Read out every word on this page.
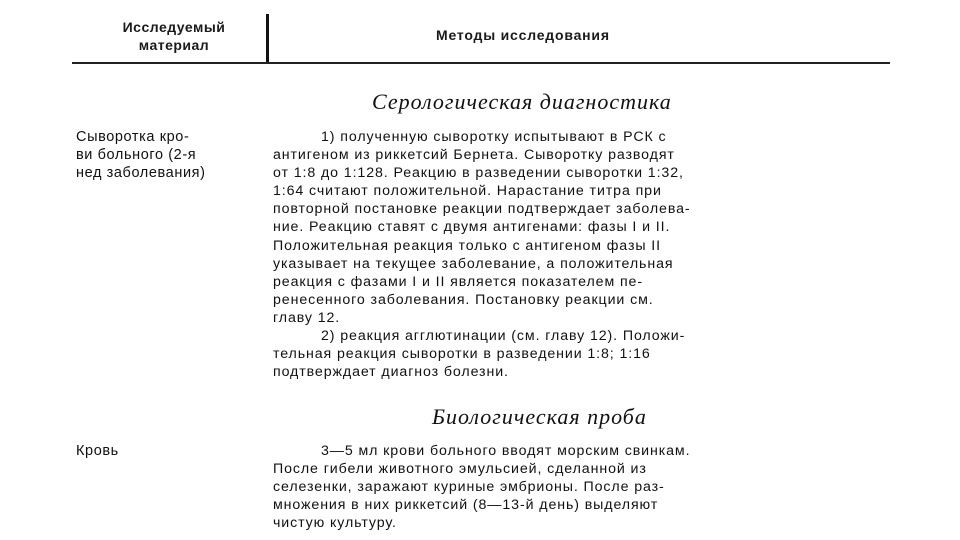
Исследуемый
материал
Методы исследования
Серологическая диагностика
Сыворотка кро-
ви больного (2-я
нед заболевания)
1) полученную сыворотку испытывают в РСК с
антигеном из риккетсий Бернета. Сыворотку разводят
от 1:8 до 1:128. Реакцию в разведении сыворотки 1:32,
1:64 считают положительной. Нарастание титра при
повторной постановке реакции подтверждает заболева-
ние. Реакцию ставят с двумя антигенами: фазы I и II.
Положительная реакция только с антигеном фазы II
указывает на текущее заболевание, а положительная
реакция с фазами I и II является показателем пе-
ренесенного заболевания. Постановку реакции см.
главу 12.
2) реакция агглютинации (см. главу 12). Положи-
тельная реакция сыворотки в разведении 1:8; 1:16
подтверждает диагноз болезни.
Биологическая проба
Кровь	3—5 мл крови больного вводят морским свинкам.
После гибели животного эмульсией, сделанной из
селезенки, заражают куриные эмбрионы. После раз-
множения в них риккетсий (8—13-й день) выделяют
чистую культуру.
